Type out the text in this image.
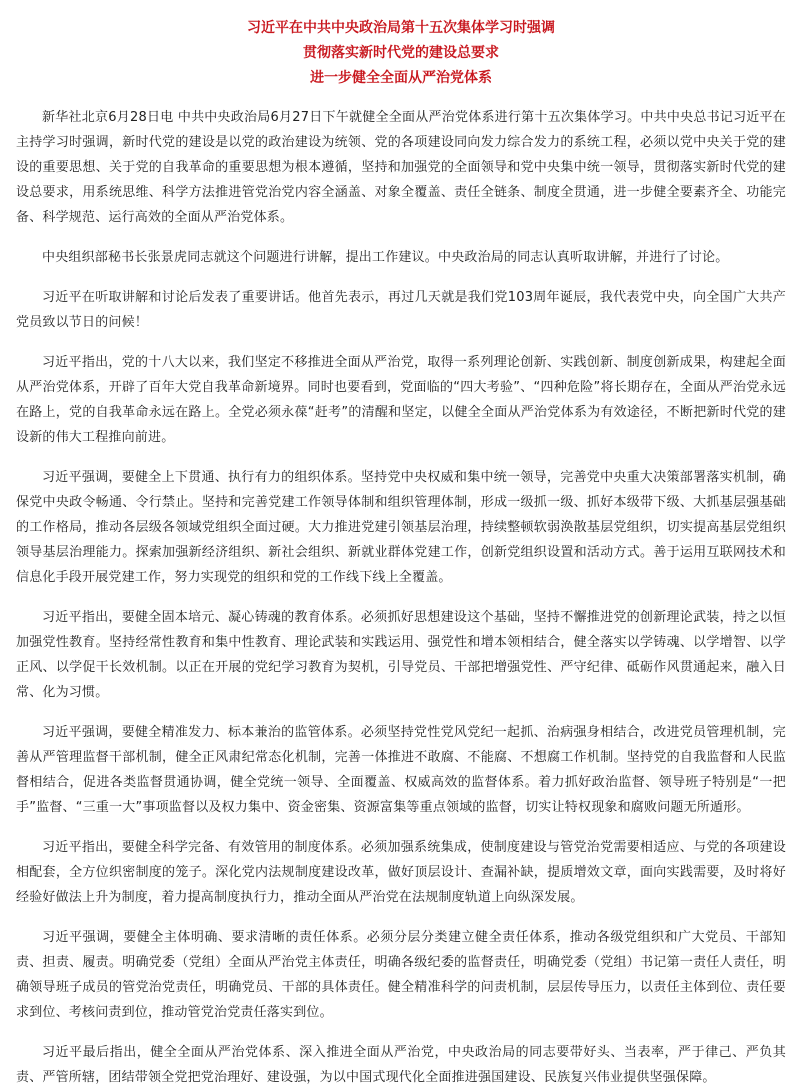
习近平在中共中央政治局第十五次集体学习时强调
贯彻落实新时代党的建设总要求
进一步健全全面从严治党体系

新华社北京6月28日电 中共中央政治局6月27日下午就健全全面从严治党体系进行第十五次集体学习。中共中央总书记习近平在主持学习时强调，新时代党的建设是以党的政治建设为统领、党的各项建设同向发力综合发力的系统工程，必须以党中央关于党的建设的重要思想、关于党的自我革命的重要思想为根本遵循，坚持和加强党的全面领导和党中央集中统一领导，贯彻落实新时代党的建设总要求，用系统思维、科学方法推进管党治党内容全涵盖、对象全覆盖、责任全链条、制度全贯通，进一步健全要素齐全、功能完备、科学规范、运行高效的全面从严治党体系。

中央组织部秘书长张景虎同志就这个问题进行讲解，提出工作建议。中央政治局的同志认真听取讲解，并进行了讨论。

习近平在听取讲解和讨论后发表了重要讲话。他首先表示，再过几天就是我们党103周年诞辰，我代表党中央，向全国广大共产党员致以节日的问候！

习近平指出，党的十八大以来，我们坚定不移推进全面从严治党，取得一系列理论创新、实践创新、制度创新成果，构建起全面从严治党体系，开辟了百年大党自我革命新境界。同时也要看到，党面临的“四大考验”、“四种危险”将长期存在，全面从严治党永远在路上，党的自我革命永远在路上。全党必须永葆“赶考”的清醒和坚定，以健全全面从严治党体系为有效途径，不断把新时代党的建设新的伟大工程推向前进。

习近平强调，要健全上下贯通、执行有力的组织体系。坚持党中央权威和集中统一领导，完善党中央重大决策部署落实机制，确保党中央政令畅通、令行禁止。坚持和完善党建工作领导体制和组织管理体制，形成一级抓一级、抓好本级带下级、大抓基层强基础的工作格局，推动各层级各领域党组织全面过硬。大力推进党建引领基层治理，持续整顿软弱涣散基层党组织，切实提高基层党组织领导基层治理能力。探索加强新经济组织、新社会组织、新就业群体党建工作，创新党组织设置和活动方式。善于运用互联网技术和信息化手段开展党建工作，努力实现党的组织和党的工作线下线上全覆盖。

习近平指出，要健全固本培元、凝心铸魂的教育体系。必须抓好思想建设这个基础，坚持不懈推进党的创新理论武装，持之以恒加强党性教育。坚持经常性教育和集中性教育、理论武装和实践运用、强党性和增本领相结合，健全落实以学铸魂、以学增智、以学正风、以学促干长效机制。以正在开展的党纪学习教育为契机，引导党员、干部把增强党性、严守纪律、砥砺作风贯通起来，融入日常、化为习惯。

习近平强调，要健全精准发力、标本兼治的监管体系。必须坚持党性党风党纪一起抓、治病强身相结合，改进党员管理机制，完善从严管理监督干部机制，健全正风肃纪常态化机制，完善一体推进不敢腐、不能腐、不想腐工作机制。坚持党的自我监督和人民监督相结合，促进各类监督贯通协调，健全党统一领导、全面覆盖、权威高效的监督体系。着力抓好政治监督、领导班子特别是“一把手”监督、“三重一大”事项监督以及权力集中、资金密集、资源富集等重点领域的监督，切实让特权现象和腐败问题无所遁形。

习近平指出，要健全科学完备、有效管用的制度体系。必须加强系统集成，使制度建设与管党治党需要相适应、与党的各项建设相配套，全方位织密制度的笼子。深化党内法规制度建设改革，做好顶层设计、查漏补缺，提质增效文章，面向实践需要，及时将好经验好做法上升为制度，着力提高制度执行力，推动全面从严治党在法规制度轨道上向纵深发展。

习近平强调，要健全主体明确、要求清晰的责任体系。必须分层分类建立健全责任体系，推动各级党组织和广大党员、干部知责、担责、履责。明确党委（党组）全面从严治党主体责任，明确各级纪委的监督责任，明确党委（党组）书记第一责任人责任，明确领导班子成员的管党治党责任，明确党员、干部的具体责任。健全精准科学的问责机制，层层传导压力，以责任主体到位、责任要求到位、考核问责到位，推动管党治党责任落实到位。

习近平最后指出，健全全面从严治党体系、深入推进全面从严治党，中央政治局的同志要带好头、当表率，严于律己、严负其责、严管所辖，团结带领全党把党治理好、建设强，为以中国式现代化全面推进强国建设、民族复兴伟业提供坚强保障。
